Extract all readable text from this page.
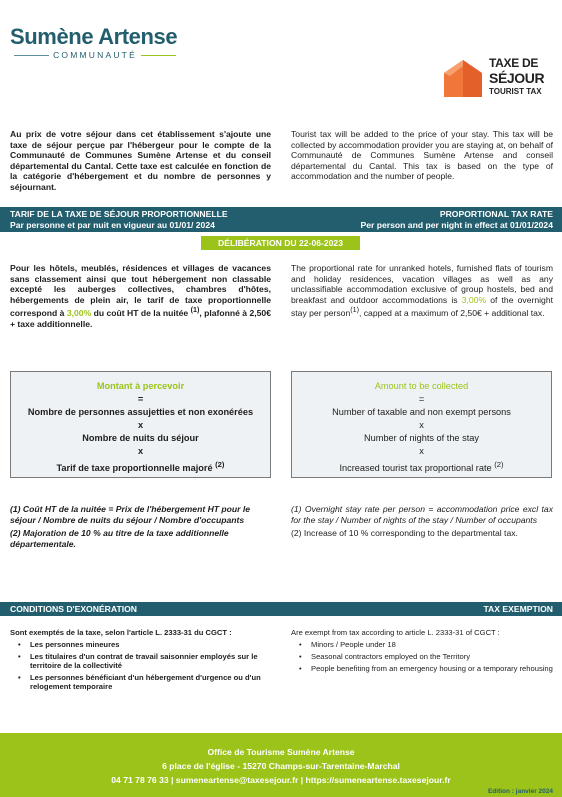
Sumène Artense
COMMUNAUTÉ
TAXE DE
SÉJOUR
TOURIST TAX
Au prix de votre séjour dans cet établissement s'ajoute une taxe de séjour perçue par l'hébergeur pour le compte de la Communauté de Communes Sumène Artense et du conseil départemental du Cantal. Cette taxe est calculée en fonction de la catégorie d'hébergement et du nombre de personnes y séjournant.
Tourist tax will be added to the price of your stay. This tax will be collected by accommodation provider you are staying at, on behalf of Communauté de Communes Sumène Artense and conseil départemental du Cantal. This tax is based on the type of accommodation and the number of people.
TARIF DE LA TAXE DE SÉJOUR PROPORTIONNELLE
Par personne et par nuit en vigueur au 01/01/ 2024
PROPORTIONAL TAX RATE
Per person and per night in effect at 01/01/2024
DÉLIBÉRATION DU 22-06-2023
Pour les hôtels, meublés, résidences et villages de vacances sans classement ainsi que tout hébergement non classable excepté les auberges collectives, chambres d'hôtes, hébergements de plein air, le tarif de taxe proportionnelle correspond à 3,00% du coût HT de la nuitée $^{(1)}$, plafonné à 2,50€ + taxe additionnelle.
The proportional rate for unranked hotels, furnished flats of tourism and holiday residences, vacation villages as well as any unclassifiable accommodation exclusive of group hostels, bed and breakfast and outdoor accommodations is 3,00% of the overnight stay per person$^{(1)}$, capped at a maximum of 2,50€ + additional tax.
Montant à percevoir
=
Nombre de personnes assujetties et non exonérées
x
Nombre de nuits du séjour
x
Tarif de taxe proportionnelle majoré $^{(2)}$
Amount to be collected
=
Number of taxable and non exempt persons
x
Number of nights of the stay
x
Increased tourist tax proportional rate $^{(2)}$

(1) Coût HT de la nuitée = Prix de l'hébergement HT pour le séjour / Nombre de nuits du séjour / Nombre d'occupants

(2) Majoration de 10 % au titre de la taxe additionnelle départementale.

(1) Overnight stay rate per person = accommodation price excl tax for the stay / Number of nights of the stay / Number of occupants

(2) Increase of 10 % corresponding to the departmental tax.

CONDITIONS D'EXONÉRATION	TAX EXEMPTION
Sont exemptés de la taxe, selon l'article L. 2333-31 du CGCT :
• Les personnes mineures
• Les titulaires d'un contrat de travail saisonnier employés sur le territoire de la collectivité
• Les personnes bénéficiant d'un hébergement d'urgence ou d'un relogement temporaire
Are exempt from tax according to article L. 2333-31 of CGCT :
• Minors / People under 18
• Seasonal contractors employed on the Territory
• People benefiting from an emergency housing or a temporary rehousing
Office de Tourisme Sumène Artense
6 place de l'église - 15270 Champs-sur-Tarentaine-Marchal
04 71 78 76 33 | sumeneartense@taxesejour.fr | https://sumeneartense.taxesejour.fr
Edition : janvier 2024
